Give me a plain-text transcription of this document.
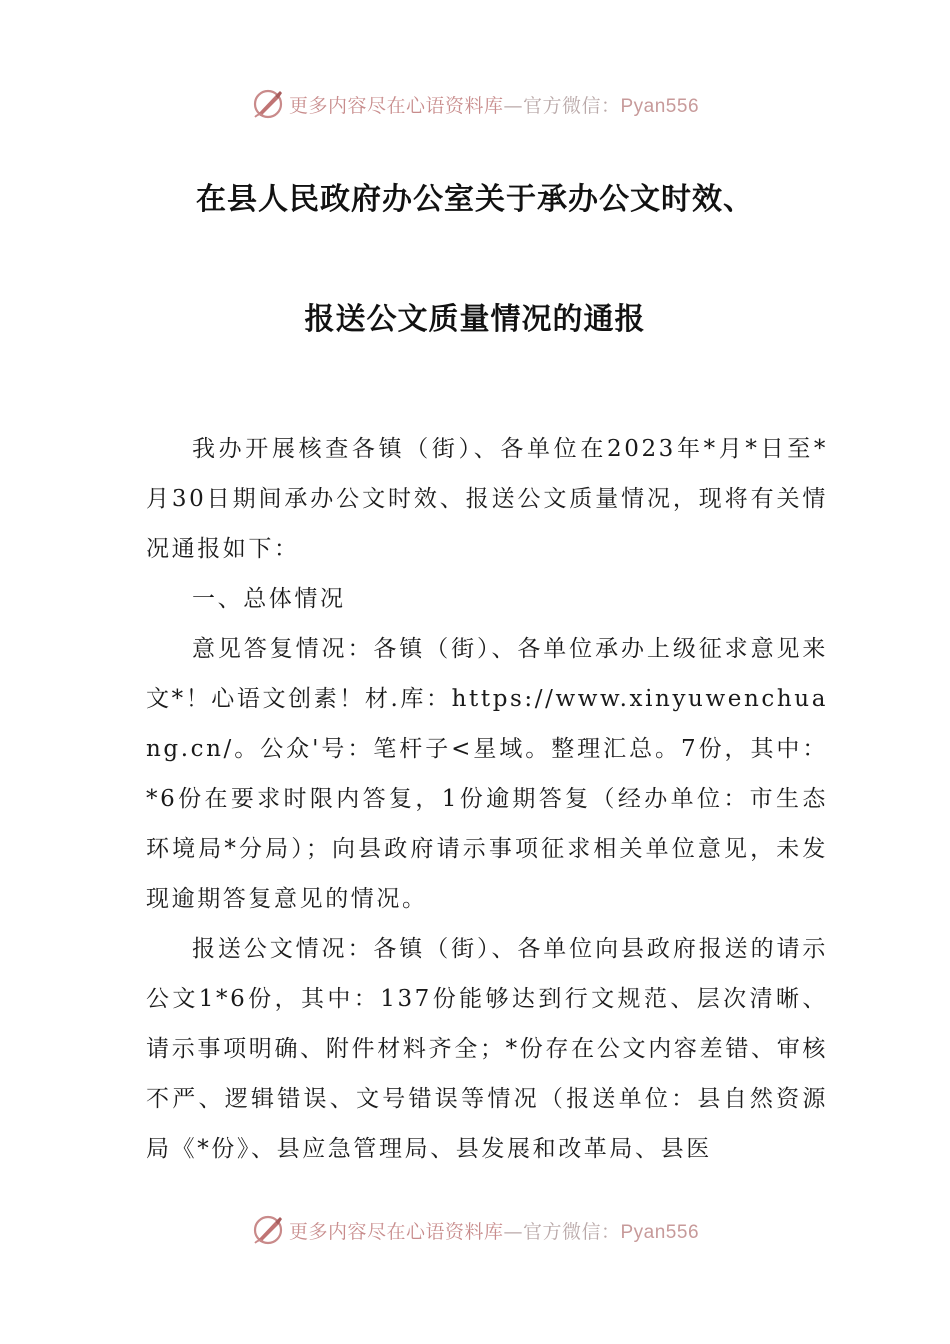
更多内容尽在心语资料库—官方微信：Pyan556
在县人民政府办公室关于承办公文时效、
报送公文质量情况的通报

我办开展核查各镇（街）、各单位在2023年*月*日至*月30日期间承办公文时效、报送公文质量情况，现将有关情况通报如下：

一、总体情况

意见答复情况：各镇（街）、各单位承办上级征求意见来文*！心语文创素！材.库：https://www.xinyuwenchuang.cn/。公众'号：笔杆子<星域。整理汇总。7份，其中：*6份在要求时限内答复，1份逾期答复（经办单位：市生态环境局*分局）；向县政府请示事项征求相关单位意见，未发现逾期答复意见的情况。

报送公文情况：各镇（街）、各单位向县政府报送的请示公文1*6份，其中：137份能够达到行文规范、层次清晰、请示事项明确、附件材料齐全；*份存在公文内容差错、审核不严、逻辑错误、文号错误等情况（报送单位：县自然资源局《*份》、县应急管理局、县发展和改革局、县医

更多内容尽在心语资料库—官方微信：Pyan556
